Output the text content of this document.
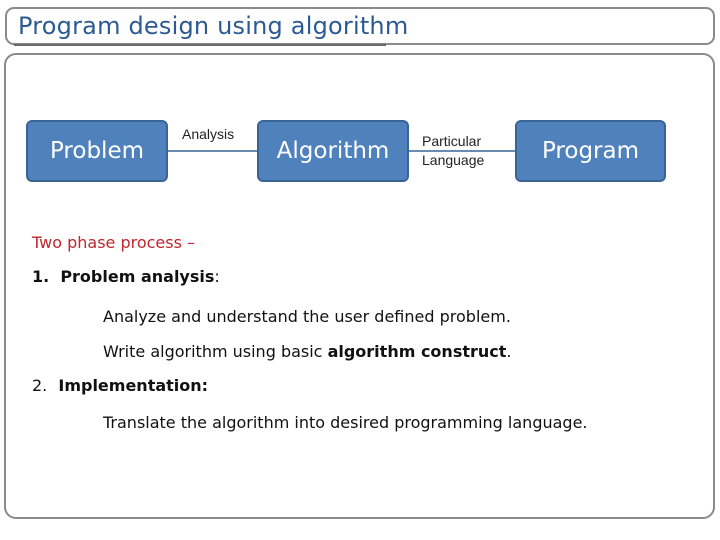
Program design using algorithm
Problem	Algorithm	Program
Analysis	Particular
Language
Two phase process –
1. Problem analysis:
Analyze and understand the user defined problem.
Write algorithm using basic algorithm construct.
2. Implementation:
Translate the algorithm into desired programming language.
